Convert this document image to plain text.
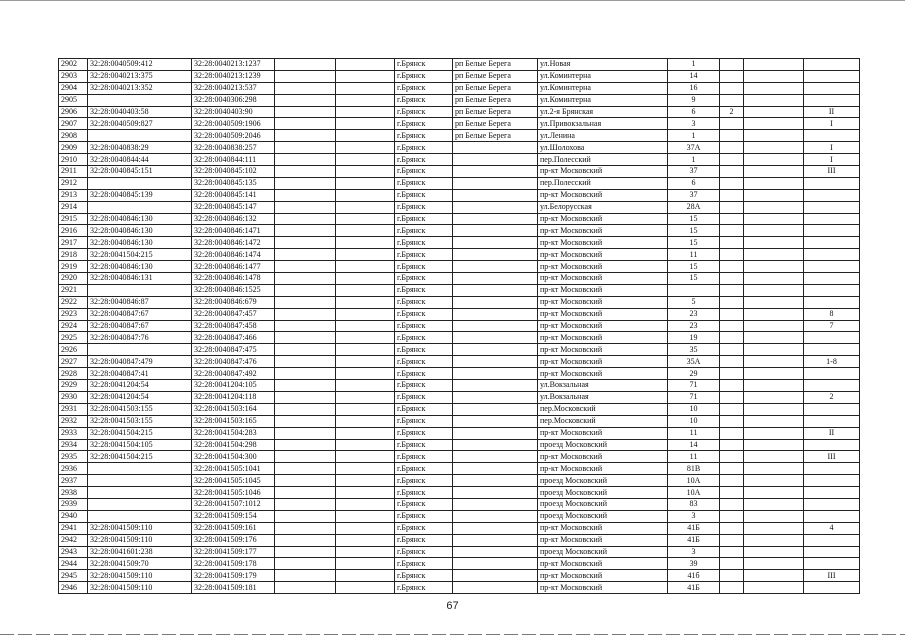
2902	32:28:0040509:412	32:28:0040213:1237			г.Брянск	рп Белые Берега	ул.Новая	1			
2903	32:28:0040213:375	32:28:0040213:1239			г.Брянск	рп Белые Берега	ул.Коминтерна	14			
2904	32:28:0040213:352	32:28:0040213:537			г.Брянск	рп Белые Берега	ул.Коминтерна	16			
2905		32:28:0040306:298			г.Брянск	рп Белые Берега	ул.Коминтерна	9			
2906	32:28:0040403:58	32:28:0040403:90			г.Брянск	рп Белые Берега	ул.2-я Брянская	6	2		II
2907	32:28:0040509:827	32:28:0040509:1906			г.Брянск	рп Белые Берега	ул.Привокзальная	3			I
2908		32:28:0040509:2046			г.Брянск	рп Белые Берега	ул.Ленина	1			
2909	32:28:0040838:29	32:28:0040838:257			г.Брянск		ул.Шолохова	37А			I
2910	32:28:0040844:44	32:28:0040844:111			г.Брянск		пер.Полесский	1			I
2911	32:28:0040845:151	32:28:0040845:102			г.Брянск		пр-кт Московский	37			III
2912		32:28:0040845:135			г.Брянск		пер.Полесский	6			
2913	32:28:0040845:139	32:28:0040845:141			г.Брянск		пр-кт Московский	37			
2914		32:28:0040845:147			г.Брянск		ул.Белорусская	28А			
2915	32:28:0040846:130	32:28:0040846:132			г.Брянск		пр-кт Московский	15			
2916	32:28:0040846:130	32:28:0040846:1471			г.Брянск		пр-кт Московский	15			
2917	32:28:0040846:130	32:28:0040846:1472			г.Брянск		пр-кт Московский	15			
2918	32:28:0041504:215	32:28:0040846:1474			г.Брянск		пр-кт Московский	11			
2919	32:28:0040846:130	32:28:0040846:1477			г.Брянск		пр-кт Московский	15			
2920	32:28:0040846:131	32:28:0040846:1478			г.Брянск		пр-кт Московский	15			
2921		32:28:0040846:1525			г.Брянск		пр-кт Московский				
2922	32:28:0040846:87	32:28:0040846:679			г.Брянск		пр-кт Московский	5			
2923	32:28:0040847:67	32:28:0040847:457			г.Брянск		пр-кт Московский	23			8
2924	32:28:0040847:67	32:28:0040847:458			г.Брянск		пр-кт Московский	23			7
2925	32:28:0040847:76	32:28:0040847:466			г.Брянск		пр-кт Московский	19			
2926		32:28:0040847:475			г.Брянск		пр-кт Московский	35			
2927	32:28:0040847:479	32:28:0040847:476			г.Брянск		пр-кт Московский	35А			1-8
2928	32:28:0040847:41	32:28:0040847:492			г.Брянск		пр-кт Московский	29			
2929	32:28:0041204:54	32:28:0041204:105			г.Брянск		ул.Вокзальная	71			
2930	32:28:0041204:54	32:28:0041204:118			г.Брянск		ул.Вокзальная	71			2
2931	32:28:0041503:155	32:28:0041503:164			г.Брянск		пер.Московский	10			
2932	32:28:0041503:155	32:28:0041503:165			г.Брянск		пер.Московский	10			
2933	32:28:0041504:215	32:28:0041504:283			г.Брянск		пр-кт Московский	11			II
2934	32:28:0041504:105	32:28:0041504:298			г.Брянск		проезд Московский	14			
2935	32:28:0041504:215	32:28:0041504:300			г.Брянск		пр-кт Московский	11			III
2936		32:28:0041505:1041			г.Брянск		пр-кт Московский	81В			
2937		32:28:0041505:1045			г.Брянск		проезд Московский	10А			
2938		32:28:0041505:1046			г.Брянск		проезд Московский	10А			
2939		32:28:0041507:1012			г.Брянск		проезд Московский	83			
2940		32:28:0041509:154			г.Брянск		проезд Московский	3			
2941	32:28:0041509:110	32:28:0041509:161			г.Брянск		пр-кт Московский	41Б			4
2942	32:28:0041509:110	32:28:0041509:176			г.Брянск		пр-кт Московский	41Б			
2943	32:28:0041601:238	32:28:0041509:177			г.Брянск		проезд Московский	3			
2944	32:28:0041509:70	32:28:0041509:178			г.Брянск		пр-кт Московский	39			
2945	32:28:0041509:110	32:28:0041509:179			г.Брянск		пр-кт Московский	41б			III
2946	32:28:0041509:110	32:28:0041509:181			г.Брянск		пр-кт Московский	41Б			
67
